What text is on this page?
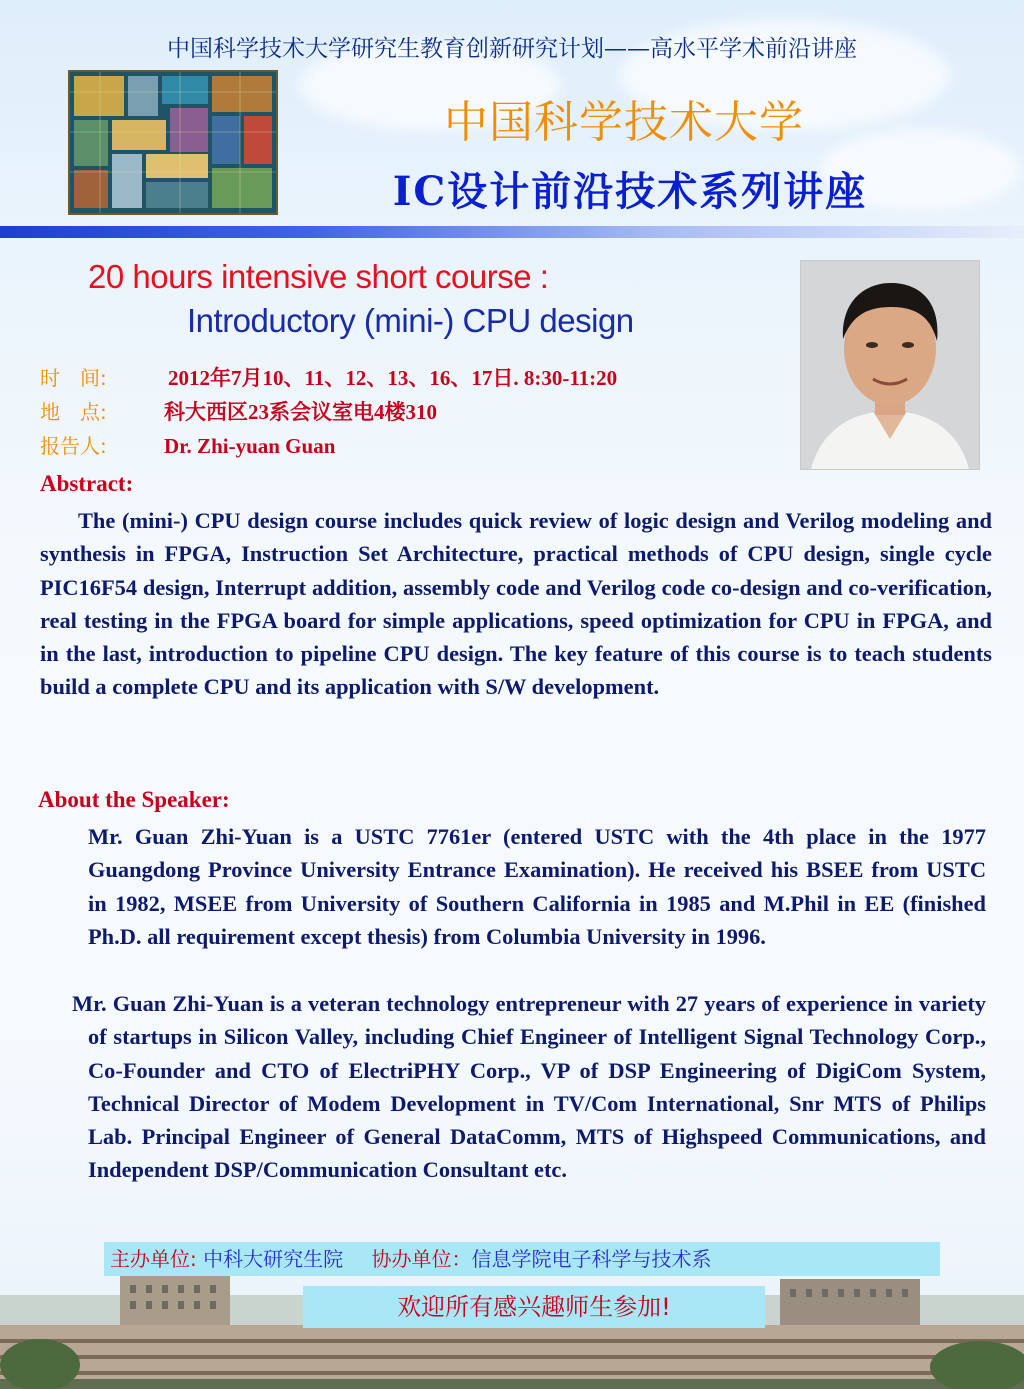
中国科学技术大学研究生教育创新研究计划——高水平学术前沿讲座
中国科学技术大学
IC设计前沿技术系列讲座
20 hours intensive short course :
Introductory (mini-) CPU design
时　间:	2012年7月10、11、12、13、16、17日. 8:30-11:20
地　点:	科大西区23系会议室电4楼310
报告人:	Dr. Zhi-yuan Guan
Abstract:
The (mini-) CPU design course includes quick review of logic design and Verilog modeling and synthesis in FPGA, Instruction Set Architecture, practical methods of CPU design, single cycle PIC16F54 design, Interrupt addition, assembly code and Verilog code co-design and co-verification, real testing in the FPGA board for simple applications, speed optimization for CPU in FPGA, and in the last, introduction to pipeline CPU design. The key feature of this course is to teach students build a complete CPU and its application with S/W development.
About the Speaker:
Mr. Guan Zhi-Yuan is a USTC 7761er (entered USTC with the 4th place in the 1977 Guangdong Province University Entrance Examination). He received his BSEE from USTC in 1982, MSEE from University of Southern California in 1985 and M.Phil in EE (finished Ph.D. all requirement except thesis) from Columbia University in 1996.
Mr. Guan Zhi-Yuan is a veteran technology entrepreneur with 27 years of experience in variety of startups in Silicon Valley, including Chief Engineer of Intelligent Signal Technology Corp., Co-Founder and CTO of ElectriPHY Corp., VP of DSP Engineering of DigiCom System, Technical Director of Modem Development in TV/Com International, Snr MTS of Philips Lab. Principal Engineer of General DataComm, MTS of Highspeed Communications, and Independent DSP/Communication Consultant etc.
主办单位: 中科大研究生院 协办单位：信息学院电子科学与技术系
欢迎所有感兴趣师生参加!
